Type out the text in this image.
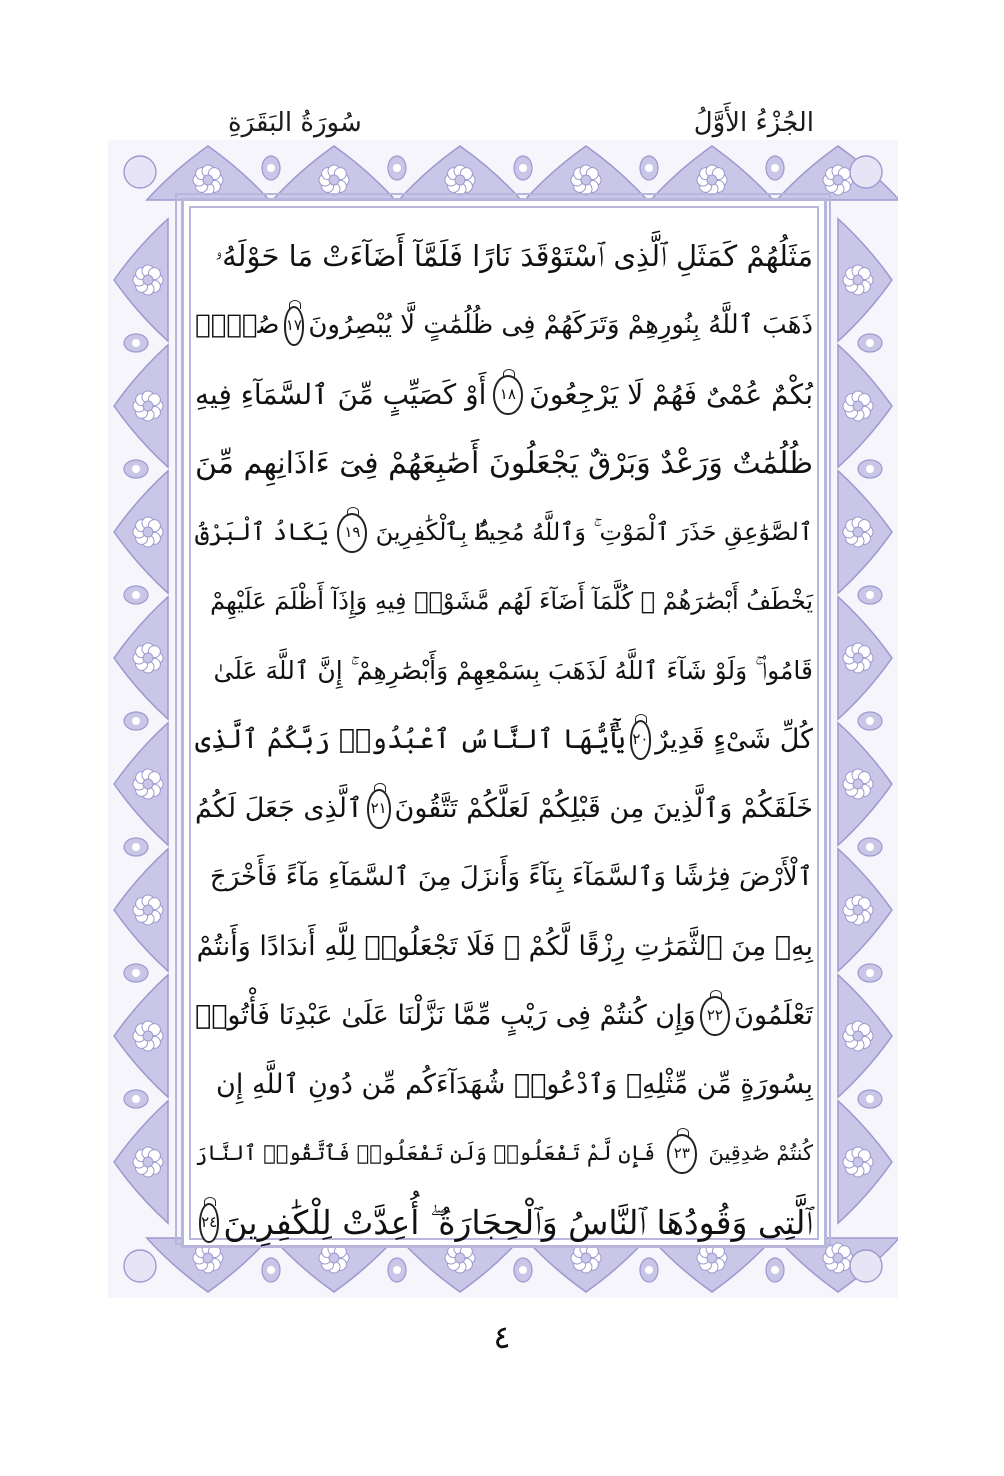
الجُزْءُ الأَوَّلُ
سُورَةُ البَقَرَةِ
مَثَلُهُمْ كَمَثَلِ ٱلَّذِى ٱسْتَوْقَدَ نَارًا فَلَمَّآ أَضَآءَتْ مَا حَوْلَهُۥ
ذَهَبَ ٱللَّهُ بِنُورِهِمْ وَتَرَكَهُمْ فِى ظُلُمَٰتٍ لَّا يُبْصِرُونَ
١٧
صُمٌّۢ
بُكْمٌ عُمْىٌ فَهُمْ لَا يَرْجِعُونَ
١٨
أَوْ كَصَيِّبٍ مِّنَ ٱلسَّمَآءِ فِيهِ
ظُلُمَٰتٌ وَرَعْدٌ وَبَرْقٌ يَجْعَلُونَ أَصَٰبِعَهُمْ فِىٓ ءَاذَانِهِم مِّنَ
ٱلصَّوَٰعِقِ حَذَرَ ٱلْمَوْتِ ۚ وَٱللَّهُ مُحِيطٌۢ بِٱلْكَٰفِرِينَ
١٩
يَكَادُ ٱلْبَرْقُ
يَخْطَفُ أَبْصَٰرَهُمْ ۖ كُلَّمَآ أَضَآءَ لَهُم مَّشَوْا۟ فِيهِ وَإِذَآ أَظْلَمَ عَلَيْهِمْ
قَامُوا۟ ۚ وَلَوْ شَآءَ ٱللَّهُ لَذَهَبَ بِسَمْعِهِمْ وَأَبْصَٰرِهِمْ ۚ إِنَّ ٱللَّهَ عَلَىٰ
كُلِّ شَىْءٍ قَدِيرٌ
٢٠
يَٰٓأَيُّهَا ٱلنَّاسُ ٱعْبُدُوا۟ رَبَّكُمُ ٱلَّذِى
خَلَقَكُمْ وَٱلَّذِينَ مِن قَبْلِكُمْ لَعَلَّكُمْ تَتَّقُونَ
٢١
ٱلَّذِى جَعَلَ لَكُمُ
ٱلْأَرْضَ فِرَٰشًا وَٱلسَّمَآءَ بِنَآءً وَأَنزَلَ مِنَ ٱلسَّمَآءِ مَآءً فَأَخْرَجَ
بِهِۦ مِنَ ٱلثَّمَرَٰتِ رِزْقًا لَّكُمْ ۖ فَلَا تَجْعَلُوا۟ لِلَّهِ أَندَادًا وَأَنتُمْ
تَعْلَمُونَ
٢٢
وَإِن كُنتُمْ فِى رَيْبٍ مِّمَّا نَزَّلْنَا عَلَىٰ عَبْدِنَا فَأْتُوا۟
بِسُورَةٍ مِّن مِّثْلِهِۦ وَٱدْعُوا۟ شُهَدَآءَكُم مِّن دُونِ ٱللَّهِ إِن
كُنتُمْ صَٰدِقِينَ
٢٣
فَإِن لَّمْ تَفْعَلُوا۟ وَلَن تَفْعَلُوا۟ فَٱتَّقُوا۟ ٱلنَّارَ
ٱلَّتِى وَقُودُهَا ٱلنَّاسُ وَٱلْحِجَارَةُ ۖ أُعِدَّتْ لِلْكَٰفِرِينَ
٢٤
٤
